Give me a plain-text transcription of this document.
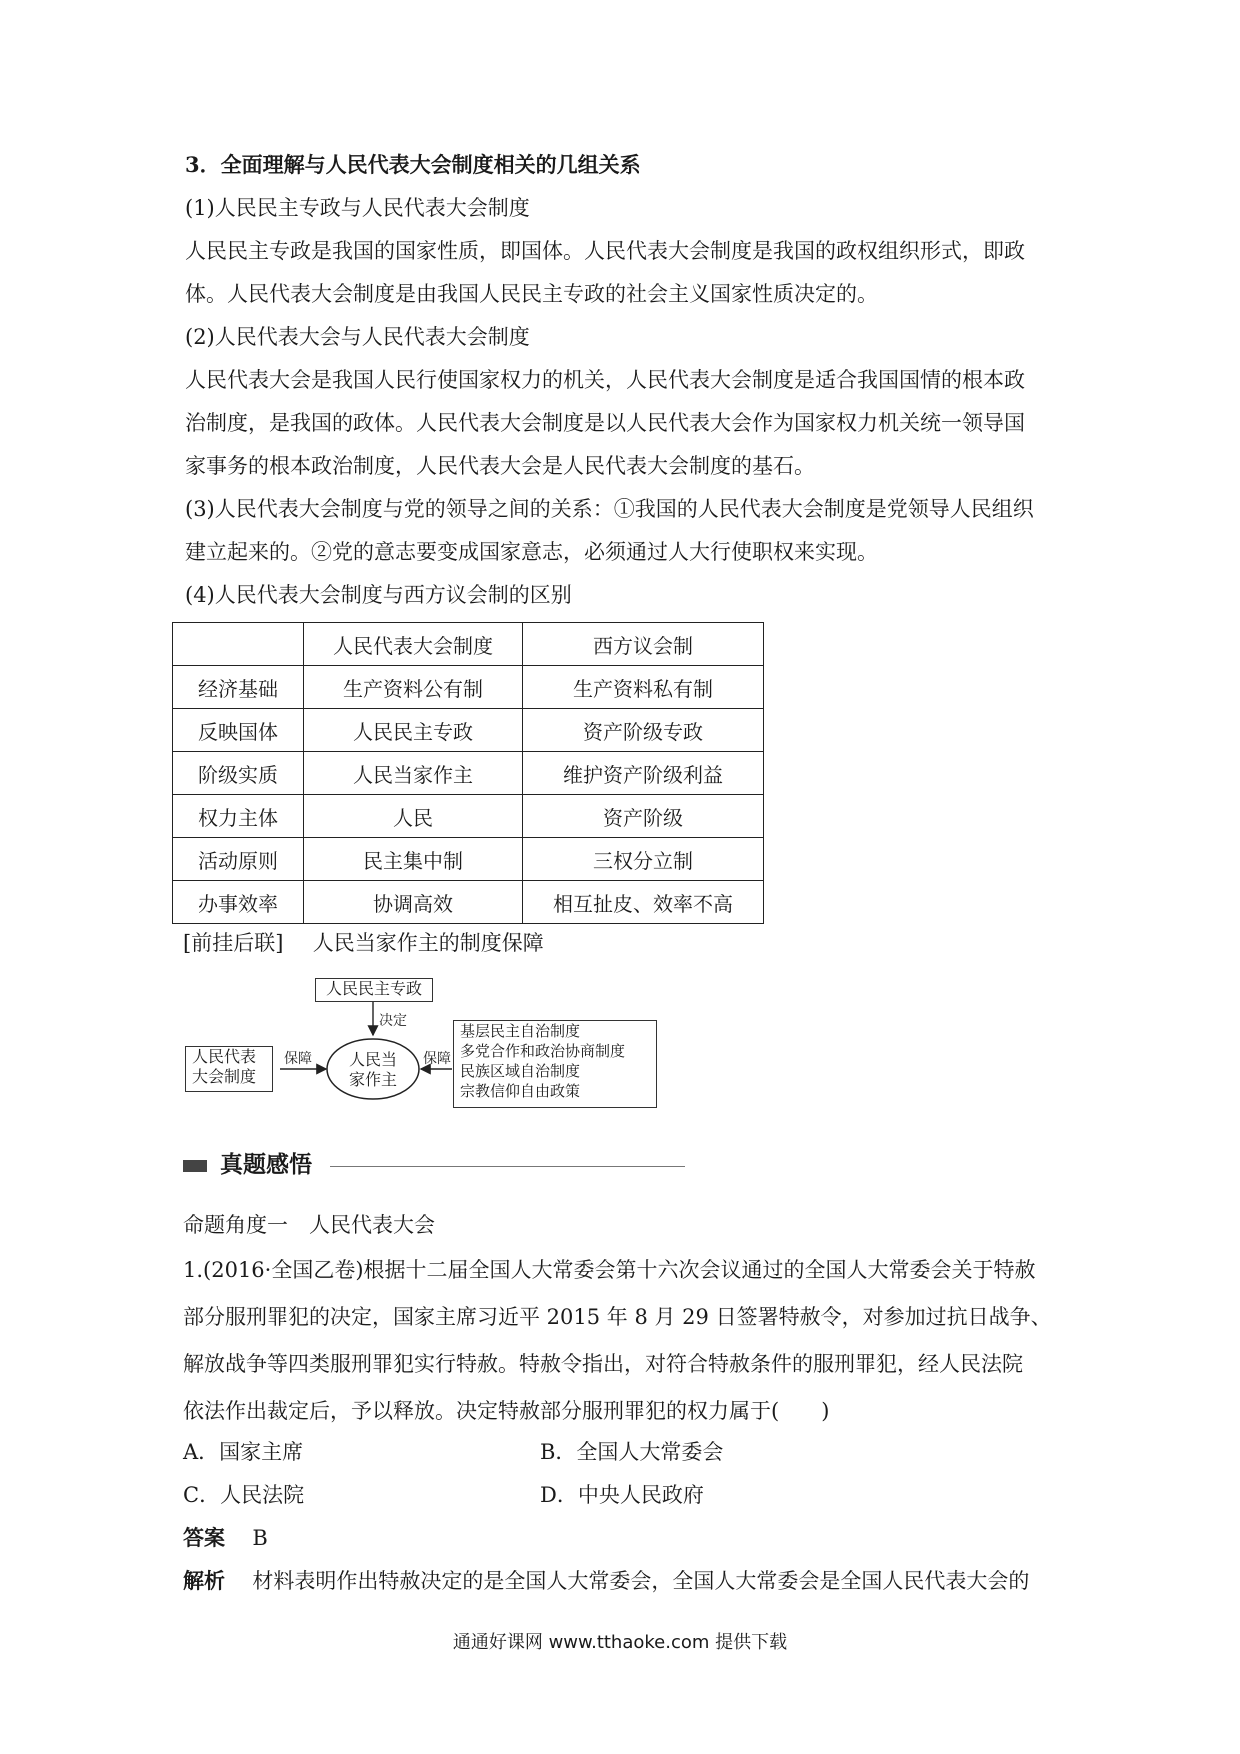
3．全面理解与人民代表大会制度相关的几组关系
(1)人民民主专政与人民代表大会制度
人民民主专政是我国的国家性质，即国体。人民代表大会制度是我国的政权组织形式，即政
体。人民代表大会制度是由我国人民民主专政的社会主义国家性质决定的。
(2)人民代表大会与人民代表大会制度
人民代表大会是我国人民行使国家权力的机关，人民代表大会制度是适合我国国情的根本政
治制度，是我国的政体。人民代表大会制度是以人民代表大会作为国家权力机关统一领导国
家事务的根本政治制度，人民代表大会是人民代表大会制度的基石。
(3)人民代表大会制度与党的领导之间的关系：①我国的人民代表大会制度是党领导人民组织
建立起来的。②党的意志要变成国家意志，必须通过人大行使职权来实现。
(4)人民代表大会制度与西方议会制的区别
	人民代表大会制度	西方议会制
经济基础	生产资料公有制	生产资料私有制
反映国体	人民民主专政	资产阶级专政
阶级实质	人民当家作主	维护资产阶级利益
权力主体	人民	资产阶级
活动原则	民主集中制	三权分立制
办事效率	协调高效	相互扯皮、效率不高
[前挂后联] 人民当家作主的制度保障
人民民主专政
决定
人民代表
大会制度
保障	人民当
家作主
保障
基层民主自治制度
多党合作和政治协商制度
民族区域自治制度
宗教信仰自由政策
真题感悟
命题角度一　人民代表大会
1.(2016·全国乙卷)根据十二届全国人大常委会第十六次会议通过的全国人大常委会关于特赦
部分服刑罪犯的决定，国家主席习近平 2015 年 8 月 29 日签署特赦令，对参加过抗日战争、
解放战争等四类服刑罪犯实行特赦。特赦令指出，对符合特赦条件的服刑罪犯，经人民法院
依法作出裁定后，予以释放。决定特赦部分服刑罪犯的权力属于(　　)
A．国家主席	B．全国人大常委会
C．人民法院	D．中央人民政府
答案 B
解析 材料表明作出特赦决定的是全国人大常委会，全国人大常委会是全国人民代表大会的
通通好课网 www.tthaoke.com 提供下载
